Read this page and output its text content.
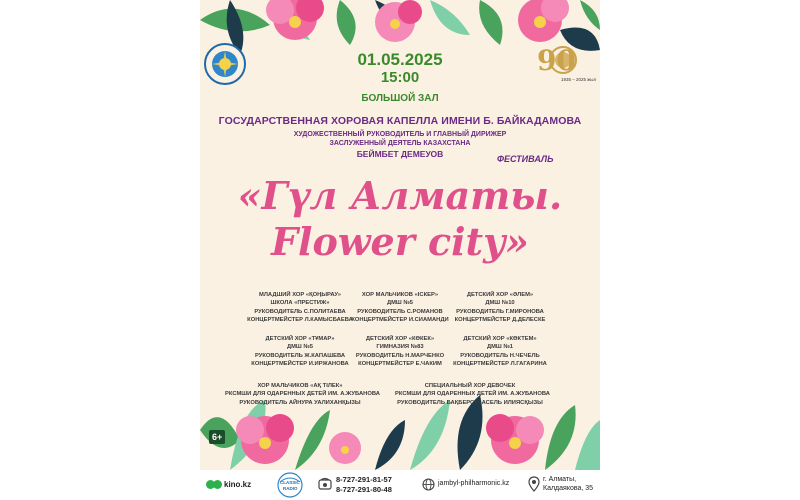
90
1935 – 2025 жыл
01.05.2025
15:00
БОЛЬШОЙ ЗАЛ
ГОСУДАРСТВЕННАЯ ХОРОВАЯ КАПЕЛЛА ИМЕНИ Б. БАЙКАДАМОВА
ХУДОЖЕСТВЕННЫЙ РУКОВОДИТЕЛЬ И ГЛАВНЫЙ ДИРИЖЕР
ЗАСЛУЖЕННЫЙ ДЕЯТЕЛЬ КАЗАХСТАНА
БЕЙМБЕТ ДЕМЕУОВ	ФЕСТИВАЛЬ
«Гүл Алматы.
Flower city»
МЛАДШИЙ ХОР «ҚОҢЫРАУ»
ШКОЛА «ПРЕСТИЖ»
РУКОВОДИТЕЛЬ С.ПОЛИТАЕВА
КОНЦЕРТМЕЙСТЕР Л.КАМЫСБАЕВА
ХОР МАЛЬЧИКОВ «ІСКЕР»
ДМШ №5
РУКОВОДИТЕЛЬ С.РОМАНОВ
КОНЦЕРТМЕЙСТЕР И.СИАМАНДИ
ДЕТСКИЙ ХОР «ӘЛЕМ»
ДМШ №10
РУКОВОДИТЕЛЬ Г.МИРОНОВА
КОНЦЕРТМЕЙСТЕР Д.ДЕЛЕСКЕ
ДЕТСКИЙ ХОР «ТҰМАР»
ДМШ №5
РУКОВОДИТЕЛЬ Ж.КАПАШЕВА
КОНЦЕРТМЕЙСТЕР И.ИРЖАНОВА
ДЕТСКИЙ ХОР «КӨКЕК»
ГИМНАЗИЯ №83
РУКОВОДИТЕЛЬ Н.МАРЧЕНКО
КОНЦЕРТМЕЙСТЕР Е.ЧАКИМ
ДЕТСКИЙ ХОР «КӨКТЕМ»
ДМШ №1
РУКОВОДИТЕЛЬ Н.ЧЕЧЕЛЬ
КОНЦЕРТМЕЙСТЕР Л.ГАГАРИНА
ХОР МАЛЬЧИКОВ «АҚ ТІЛЕК»
РКСМШИ ДЛЯ ОДАРЕННЫХ ДЕТЕЙ ИМ. А.ЖУБАНОВА
РУКОВОДИТЕЛЬ АЙНУРА УАЛИХАНҚЫЗЫ
СПЕЦИАЛЬНЫЙ ХОР ДЕВОЧЕК
РКСМШИ ДЛЯ ОДАРЕННЫХ ДЕТЕЙ ИМ. А.ЖУБАНОВА
РУКОВОДИТЕЛЬ БАҚБЕРСІН АСЕЛЬ ИЛИЯСҚЫЗЫ
6+
kino.kz	CLASSIC
RADIO
8-727-291-81-57
8-727-291-80-48
jambyl-philharmonic.kz
г. Алматы,
Калдаякова, 35
